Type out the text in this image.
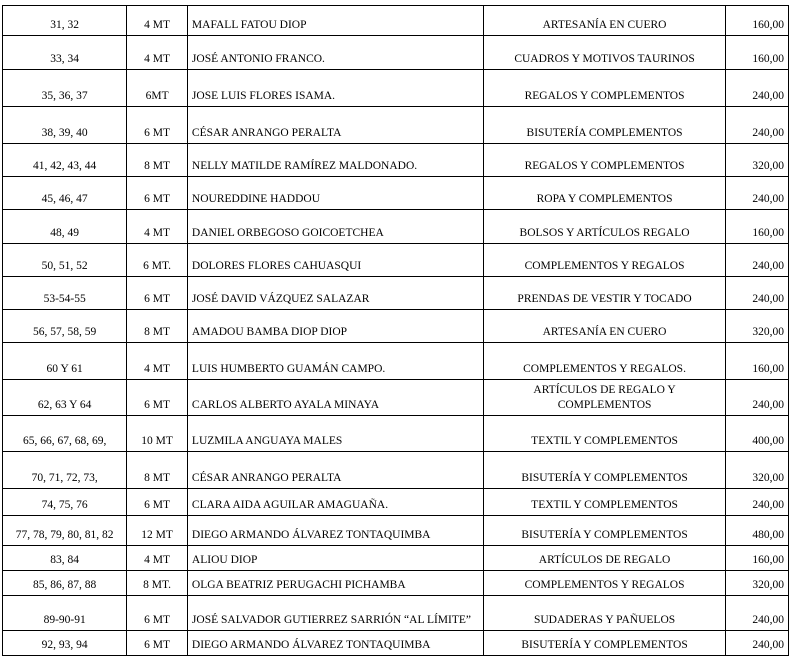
31, 32	4 MT	MAFALL FATOU DIOP	ARTESANÍA EN CUERO	160,00
33, 34	4 MT	JOSÉ ANTONIO FRANCO.	CUADROS Y MOTIVOS TAURINOS	160,00
35, 36, 37	6MT	JOSE LUIS FLORES ISAMA.	REGALOS Y COMPLEMENTOS	240,00
38, 39, 40	6 MT	CÉSAR ANRANGO PERALTA	BISUTERÍA COMPLEMENTOS	240,00
41, 42, 43, 44	8 MT	NELLY MATILDE RAMÍREZ MALDONADO.	REGALOS Y COMPLEMENTOS	320,00
45, 46, 47	6 MT	NOUREDDINE HADDOU	ROPA Y COMPLEMENTOS	240,00
48, 49	4 MT	DANIEL ORBEGOSO GOICOETCHEA	BOLSOS Y ARTÍCULOS REGALO	160,00
50, 51, 52	6 MT.	DOLORES FLORES CAHUASQUI	COMPLEMENTOS Y REGALOS	240,00
53-54-55	6 MT	JOSÉ DAVID VÁZQUEZ SALAZAR	PRENDAS DE VESTIR Y TOCADO	240,00
56, 57, 58, 59	8 MT	AMADOU BAMBA DIOP DIOP	ARTESANÍA EN CUERO	320,00
60 Y 61	4 MT	LUIS HUMBERTO GUAMÁN CAMPO.	COMPLEMENTOS Y REGALOS.	160,00
62, 63 Y 64	6 MT	CARLOS ALBERTO AYALA MINAYA	ARTÍCULOS DE REGALO Y COMPLEMENTOS	240,00
65, 66, 67, 68, 69,	10 MT	LUZMILA ANGUAYA MALES	TEXTIL Y COMPLEMENTOS	400,00
70, 71, 72, 73,	8 MT	CÉSAR ANRANGO PERALTA	BISUTERÍA Y COMPLEMENTOS	320,00
74, 75, 76	6 MT	CLARA AIDA AGUILAR AMAGUAÑA.	TEXTIL Y COMPLEMENTOS	240,00
77, 78, 79, 80, 81, 82	12 MT	DIEGO ARMANDO ÁLVAREZ TONTAQUIMBA	BISUTERÍA Y COMPLEMENTOS	480,00
83, 84	4 MT	ALIOU DIOP	ARTÍCULOS DE REGALO	160,00
85, 86, 87, 88	8 MT.	OLGA BEATRIZ PERUGACHI PICHAMBA	COMPLEMENTOS Y REGALOS	320,00
89-90-91	6 MT	JOSÉ SALVADOR GUTIERREZ SARRIÓN “AL LÍMITE”	SUDADERAS Y PAÑUELOS	240,00
92, 93, 94	6 MT	DIEGO ARMANDO ÁLVAREZ TONTAQUIMBA	BISUTERÍA Y COMPLEMENTOS	240,00
